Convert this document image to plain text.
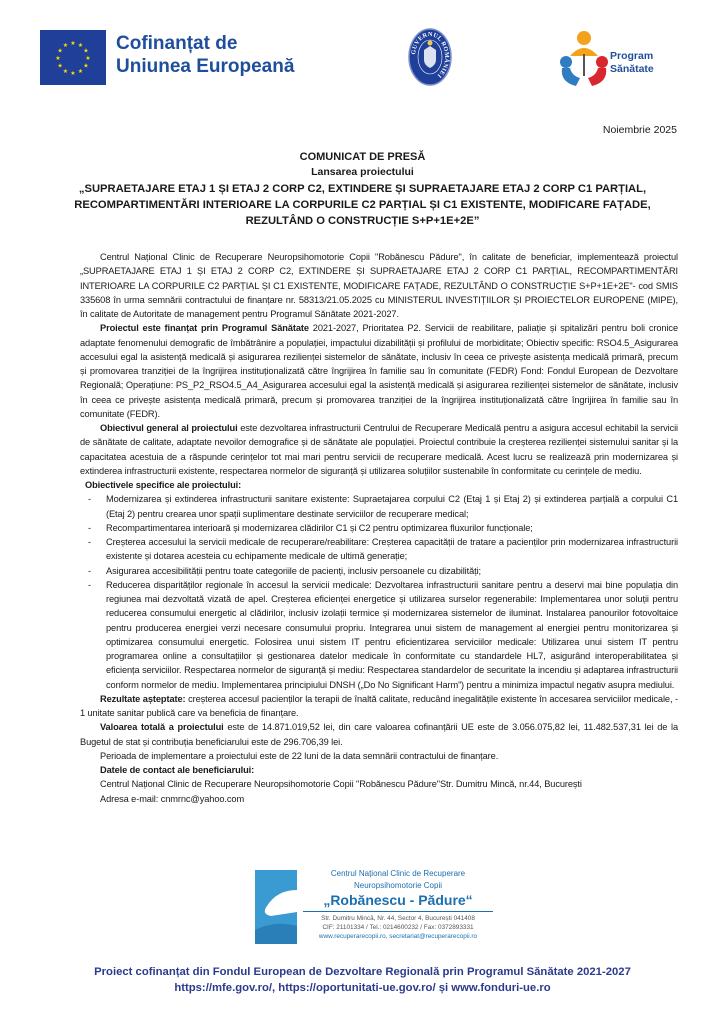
★
★
★
★
★
★
★
★
★ ★ ★
★ Cofinanțat de
Uniunea Europeană
GUVERNUL ROMÂNIEI
Program
Sănătate
Noiembrie 2025
COMUNICAT DE PRESĂ
Lansarea proiectului
„SUPRAETAJARE ETAJ 1 ȘI ETAJ 2 CORP C2, EXTINDERE ȘI SUPRAETAJARE ETAJ 2 CORP C1 PARȚIAL,
RECOMPARTIMENTĂRI INTERIOARE LA CORPURILE C2 PARȚIAL ȘI C1 EXISTENTE, MODIFICARE FAȚADE,
REZULTÂND O CONSTRUCȚIE S+P+1E+2E”

Centrul Național Clinic de Recuperare Neuropsihomotorie Copii "Robănescu Pădure", în calitate de beneficiar, implementează proiectul „SUPRAETAJARE ETAJ 1 ȘI ETAJ 2 CORP C2, EXTINDERE ȘI SUPRAETAJARE ETAJ 2 CORP C1 PARȚIAL, RECOMPARTIMENTĂRI INTERIOARE LA CORPURILE C2 PARȚIAL ȘI C1 EXISTENTE, MODIFICARE FAȚADE, REZULTÂND O CONSTRUCȚIE S+P+1E+2E"- cod SMIS 335608 în urma semnării contractului de finanțare nr. 58313/21.05.2025 cu MINISTERUL INVESTIȚIILOR ȘI PROIECTELOR EUROPENE (MIPE), în calitate de Autoritate de management pentru Programul Sănătate 2021-2027.

Proiectul este finanțat prin Programul Sănătate 2021-2027, Prioritatea P2. Servicii de reabilitare, paliație și spitalizări pentru boli cronice adaptate fenomenului demografic de îmbătrânire a populației, impactului dizabilității și profilului de morbiditate; Obiectiv specific: RSO4.5_Asigurarea accesului egal la asistență medicală și asigurarea rezilienței sistemelor de sănătate, inclusiv în ceea ce privește asistența medicală primară, precum și promovarea tranziției de la îngrijirea instituționalizată către îngrijirea în familie sau în comunitate (FEDR) Fond: Fondul European de Dezvoltare Regională; Operațiune: PS_P2_RSO4.5_A4_Asigurarea accesului egal la asistență medicală și asigurarea rezilienței sistemelor de sănătate, inclusiv în ceea ce privește asistența medicală primară, precum și promovarea tranziției de la îngrijirea instituționalizată către îngrijirea în familie sau în comunitate (FEDR).

Obiectivul general al proiectului este dezvoltarea infrastructurii Centrului de Recuperare Medicală pentru a asigura accesul echitabil la servicii de sănătate de calitate, adaptate nevoilor demografice și de sănătate ale populației. Proiectul contribuie la creșterea rezilienței sistemului sanitar și la capacitatea acestuia de a răspunde cerințelor tot mai mari pentru servicii de recuperare medicală. Acest lucru se realizează prin modernizarea și extinderea infrastructurii existente, respectarea normelor de siguranță și utilizarea soluțiilor sustenabile în conformitate cu cerințele de mediu.

Obiectivele specifice ale proiectului:
- Modernizarea și extinderea infrastructurii sanitare existente: Supraetajarea corpului C2 (Etaj 1 și Etaj 2) și extinderea parțială a corpului C1 (Etaj 2) pentru crearea unor spații suplimentare destinate serviciilor de recuperare medical;
- Recompartimentarea interioară și modernizarea clădirilor C1 și C2 pentru optimizarea fluxurilor funcționale;
- Creșterea accesului la servicii medicale de recuperare/reabilitare: Creșterea capacității de tratare a pacienților prin modernizarea infrastructurii existente și dotarea acesteia cu echipamente medicale de ultimă generație;
- Asigurarea accesibilității pentru toate categoriile de pacienți, inclusiv persoanele cu dizabilități;
- Reducerea disparităților regionale în accesul la servicii medicale: Dezvoltarea infrastructurii sanitare pentru a deservi mai bine populația din regiunea mai dezvoltată vizată de apel. Creșterea eficienței energetice și utilizarea surselor regenerabile: Implementarea unor soluții pentru reducerea consumului energetic al clădirilor, inclusiv izolații termice și modernizarea sistemelor de iluminat. Instalarea panourilor fotovoltaice pentru producerea energiei verzi necesare consumului propriu. Integrarea unui sistem de management al energiei pentru monitorizarea și optimizarea consumului energetic. Folosirea unui sistem IT pentru eficientizarea serviciilor medicale: Utilizarea unui sistem IT pentru programarea online a consultațiilor și gestionarea datelor medicale în conformitate cu standardele HL7, asigurând interoperabilitatea și eficiența serviciilor. Respectarea normelor de siguranță și mediu: Respectarea standardelor de securitate la incendiu și adaptarea infrastructurii conform normelor de mediu. Implementarea principiului DNSH („Do No Significant Harm”) pentru a minimiza impactul negativ asupra mediului.

Rezultate așteptate: creșterea accesul pacienților la terapii de înaltă calitate, reducând inegalitățile existente în accesarea serviciilor medicale, - 1 unitate sanitar publică care va beneficia de finanțare.

Valoarea totală a proiectului este de 14.871.019,52 lei, din care valoarea cofinanțării UE este de 3.056.075,82 lei, 11.482.537,31 lei de la Bugetul de stat și contribuția beneficiarului este de 296.706,39 lei.

Perioada de implementare a proiectului este de 22 luni de la data semnării contractului de finanțare.
Datele de contact ale beneficiarului:
Centrul Național Clinic de Recuperare Neuropsihomotorie Copii "Robănescu Pădure"Str. Dumitru Mincă, nr.44, București
Adresa e-mail: cnmrnc@yahoo.com
Centrul Național Clinic de Recuperare
Neuropsihomotorie Copii
„Robănescu - Pădure“
Str. Dumitru Mincă, Nr. 44, Sector 4, București 041408
CIF: 21101334 / Tel.: 0214600232 / Fax: 0372893331
www.recuperarecopii.ro, secretariat@recuperarecopii.ro
Proiect cofinanțat din Fondul European de Dezvoltare Regională prin Programul Sănătate 2021-2027
https://mfe.gov.ro/, https://oportunitati-ue.gov.ro/ și www.fonduri-ue.ro
